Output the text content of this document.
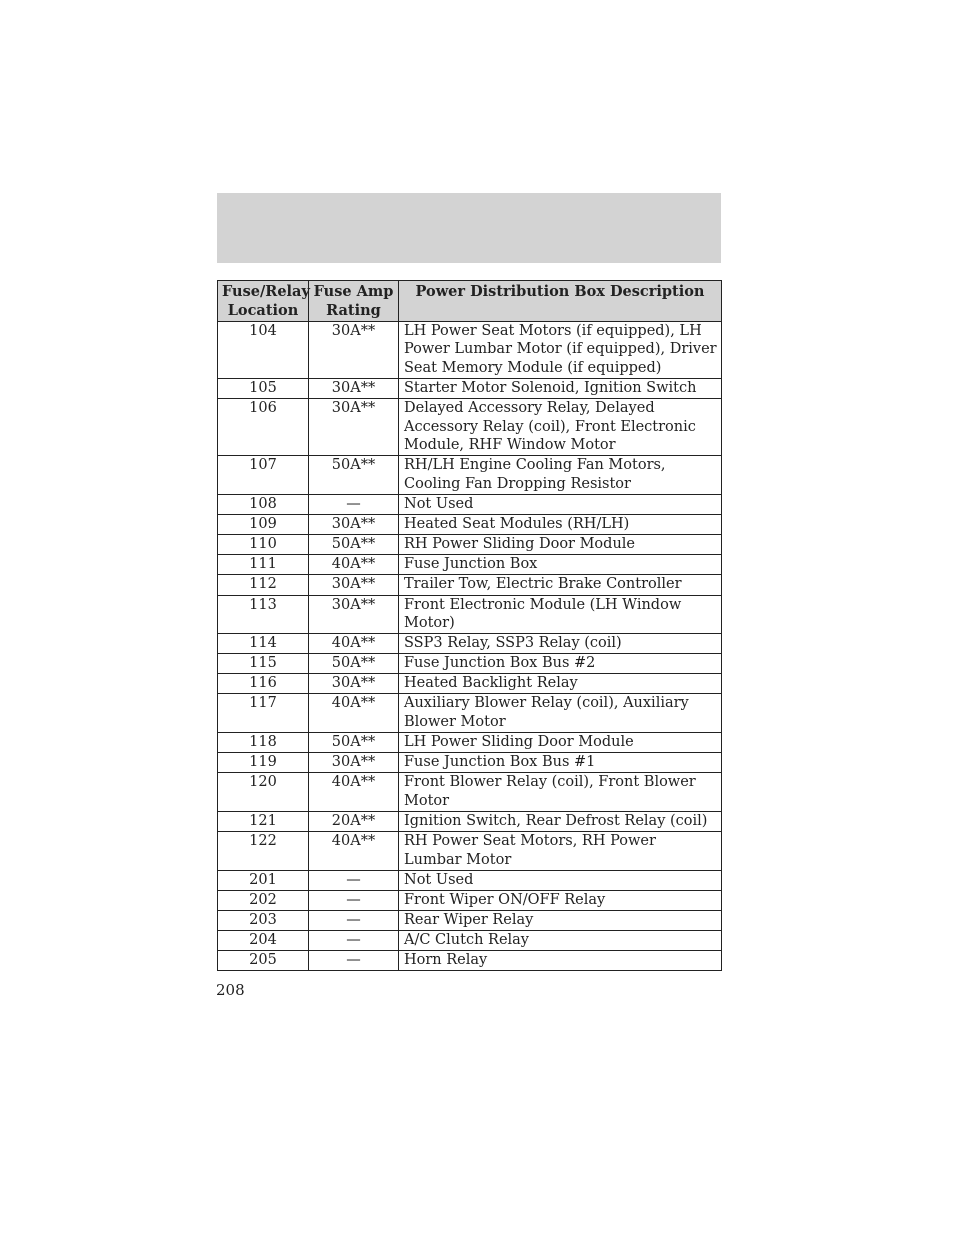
Fuse/Relay Location	Fuse Amp Rating	Power Distribution Box Description
104	30A**	LH Power Seat Motors (if equipped), LH Power Lumbar Motor (if equipped), Driver Seat Memory Module (if equipped)
105	30A**	Starter Motor Solenoid, Ignition Switch
106	30A**	Delayed Accessory Relay, Delayed Accessory Relay (coil), Front Electronic Module, RHF Window Motor
107	50A**	RH/LH Engine Cooling Fan Motors, Cooling Fan Dropping Resistor
108	—	Not Used
109	30A**	Heated Seat Modules (RH/LH)
110	50A**	RH Power Sliding Door Module
111	40A**	Fuse Junction Box
112	30A**	Trailer Tow, Electric Brake Controller
113	30A**	Front Electronic Module (LH Window Motor)
114	40A**	SSP3 Relay, SSP3 Relay (coil)
115	50A**	Fuse Junction Box Bus #2
116	30A**	Heated Backlight Relay
117	40A**	Auxiliary Blower Relay (coil), Auxiliary Blower Motor
118	50A**	LH Power Sliding Door Module
119	30A**	Fuse Junction Box Bus #1
120	40A**	Front Blower Relay (coil), Front Blower Motor
121	20A**	Ignition Switch, Rear Defrost Relay (coil)
122	40A**	RH Power Seat Motors, RH Power Lumbar Motor
201	—	Not Used
202	—	Front Wiper ON/OFF Relay
203	—	Rear Wiper Relay
204	—	A/C Clutch Relay
205	—	Horn Relay
208
